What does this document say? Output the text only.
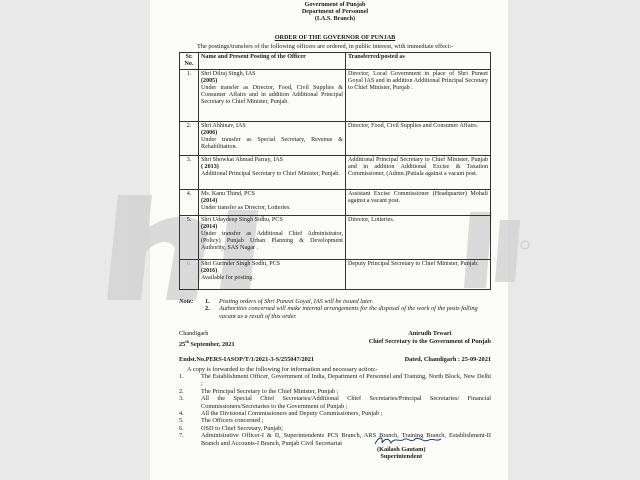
Government of Punjab
Department of Personnel
(I.A.S. Branch)
ORDER OF THE GOVERNOR OF PUNJAB
The postings/transfers of the following officers are ordered, in public interest, with immediate effect:-
Sr. No.	Name and Present Posting of the Officer	Transferred/posted as
1.	Shri Dilraj Singh, IAS
(2005)
Under transfer as Director, Food, Civil Supplies & Consumer Affairs and in addition Additional Principal Secretary to Chief Minister, Punjab.	Director, Local Government in place of Shri Puneet Goyal IAS and in addition Additional Principal Secretary to Chief Minister, Punjab .
2.	Shri Abhinav, IAS
(2006)
Under transfer as Special Secretary, Revenue & Rehabilitation.	Director, Food, Civil Supplies and Consumer Affairs.
3.	Shri Showkat Ahmad Parray, IAS
( 2013)
Additional Principal Secretary to Chief Minister, Punjab.	Additional Principal Secretary to Chief Minister, Punjab and in addition Additional Excise & Taxation Commissioner, (Admn.)Patiala against a vacant post.
4.	Ms. Kanu Thind, PCS
(2014)
Under transfer as Director, Lotteries.	Assistant Excise Commissioner (Headquarter) Mohali against a vacant post.
5.	Shri Udaydeep Singh Sidhu, PCS
(2014)
Under transfer as Additional Chief Administrator, (Policy) Punjab Urban Planning & Development Authority, SAS Nagar .	Director, Lotteries.
6.	Shri Gurinder Singh Sodhi, PCS
(2016)
Available for posting.	Deputy Principal Secretary to Chief Minister, Punjab.
Note:	1.	Posting orders of Shri Puneet Goyal, IAS will be issued later.
2.	Authorities concerned will make internal arrangements for the disposal of the work of the posts falling vacant as a result of this order.
Chandigarh
25th September, 2021
Anirudh Tewari
Chief Secretary to the Government of Punjab
Endst.No.PERS-IASOP/T/1/2021-3-S/255047/2021	Dated, Chandigarh : 25-09-2021
A copy is forwarded to the following for information and necessary action:-
1.	The Establishment Officer, Government of India, Department of Personnel and Training, North Block, New Delhi ;
2.	The Principal Secretary to the Chief Minister, Punjab ;
3.	All the Special Chief Secretaries/Additional Chief Secretaries/Principal Secretaries/ Financial Commissioners/Secretaries to the Government of Punjab ;
4.	All the Divisional Commissioners and Deputy Commissioners, Punjab ;
5.	The Officers concerned ;
6.	OSD to Chief Secretary, Punjab;
7.	Administrative Officer-I & II, Superintendents PCS Branch, ARS Branch, Training Branch, Establishment-II Branch and Accounts-I Branch, Punjab Civil Secretariat
(Kailash Gautam)
Superintendent
